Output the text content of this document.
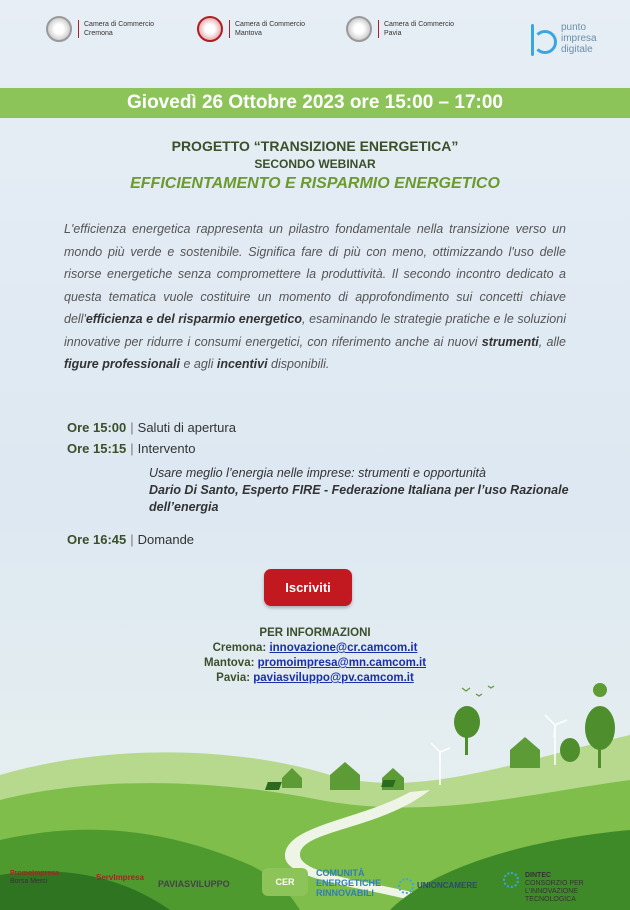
Camera di Commercio
Cremona
Camera di Commercio
Mantova
Camera di Commercio
Pavia
punto
impresa
digitale
Giovedì 26 Ottobre 2023 ore 15:00 – 17:00
PROGETTO “TRANSIZIONE ENERGETICA”
SECONDO WEBINAR
EFFICIENTAMENTO E RISPARMIO ENERGETICO

L'efficienza energetica rappresenta un pilastro fondamentale nella transizione verso un mondo più verde e sostenibile. Significa fare di più con meno, ottimizzando l'uso delle risorse energetiche senza compromettere la produttività. Il secondo incontro dedicato a questa tematica vuole costituire un momento di approfondimento sui concetti chiave dell'efficienza e del risparmio energetico, esaminando le strategie pratiche e le soluzioni innovative per ridurre i consumi energetici, con riferimento anche ai nuovi strumenti, alle figure professionali e agli incentivi disponibili.

Ore 15:00 | Saluti di apertura
Ore 15:15 | Intervento
Usare meglio l’energia nelle imprese: strumenti e opportunità
Dario Di Santo, Esperto FIRE - Federazione Italiana per l’uso Razionale dell’energia
Ore 16:45 | Domande
Iscriviti
PER INFORMAZIONI
Cremona: innovazione@cr.camcom.it
Mantova: promoimpresa@mn.camcom.it
Pavia: paviasviluppo@pv.camcom.it
PromoImpresa
Borsa Merci	ServImpresa
PAVIASVILUPPO	CER
COMUNITÀ
ENERGETICHE
RINNOVABILI
UNIONCAMERE
DINTEC
CONSORZIO PER L'INNOVAZIONE
TECNOLOGICA
